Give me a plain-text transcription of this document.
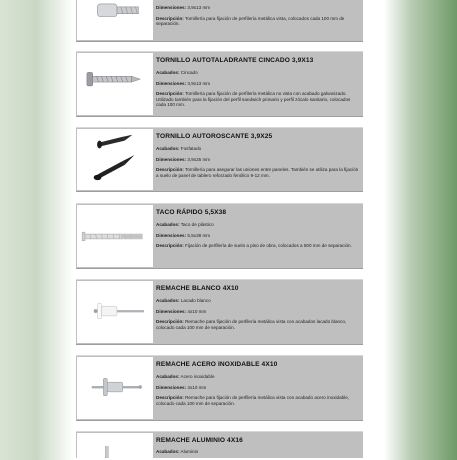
Dimensiones: 3,9x13 mm
Descripción: Tornillería para fijación de perfilería metálica vista, colocados cada 100 mm de separación.
TORNILLO AUTOTALADRANTE CINCADO 3,9X13
Acabados: Cincado
Dimensiones: 3,9x13 mm
Descripción: Tornillería para fijación de perfilería metálica no vista con acabado galvanizado. Utilizado también para la fijación del perfil sandwich primario y perfil zócalo sanitario, colocados cada 100 mm.
TORNILLO AUTOROSCANTE 3,9X25
Acabados: Fosfatado
Dimensiones: 3,9x25 mm
Descripción: Tornillería para asegurar las uniones entre paneles. También se utiliza para la fijación a suelo de panel de tablero reforzado fenólico 9-12 mm.
TACO RÁPIDO 5,5X38
Acabados: Taco de plástico
Dimensiones: 5,5x38 mm
Descripción: Fijación de perfilería de suelo a piso de obra, colocados a 500 mm de separación.
REMACHE BLANCO 4X10
Acabados: Lacado blanco
Dimensiones: 4x10 mm
Descripción: Remache para fijación de perfilería metálica vista con acabados lacado blanco, colocado cada 100 mm de separación.
REMACHE ACERO INOXIDABLE 4X10
Acabados: Acero inoxidable
Dimensiones: 4x10 mm
Descripción: Remache para fijación de perfilería metálica vista con acabado acero inoxidable, colocado cada 100 mm de separación.
REMACHE ALUMINIO 4X16
Acabados: Aluminio
